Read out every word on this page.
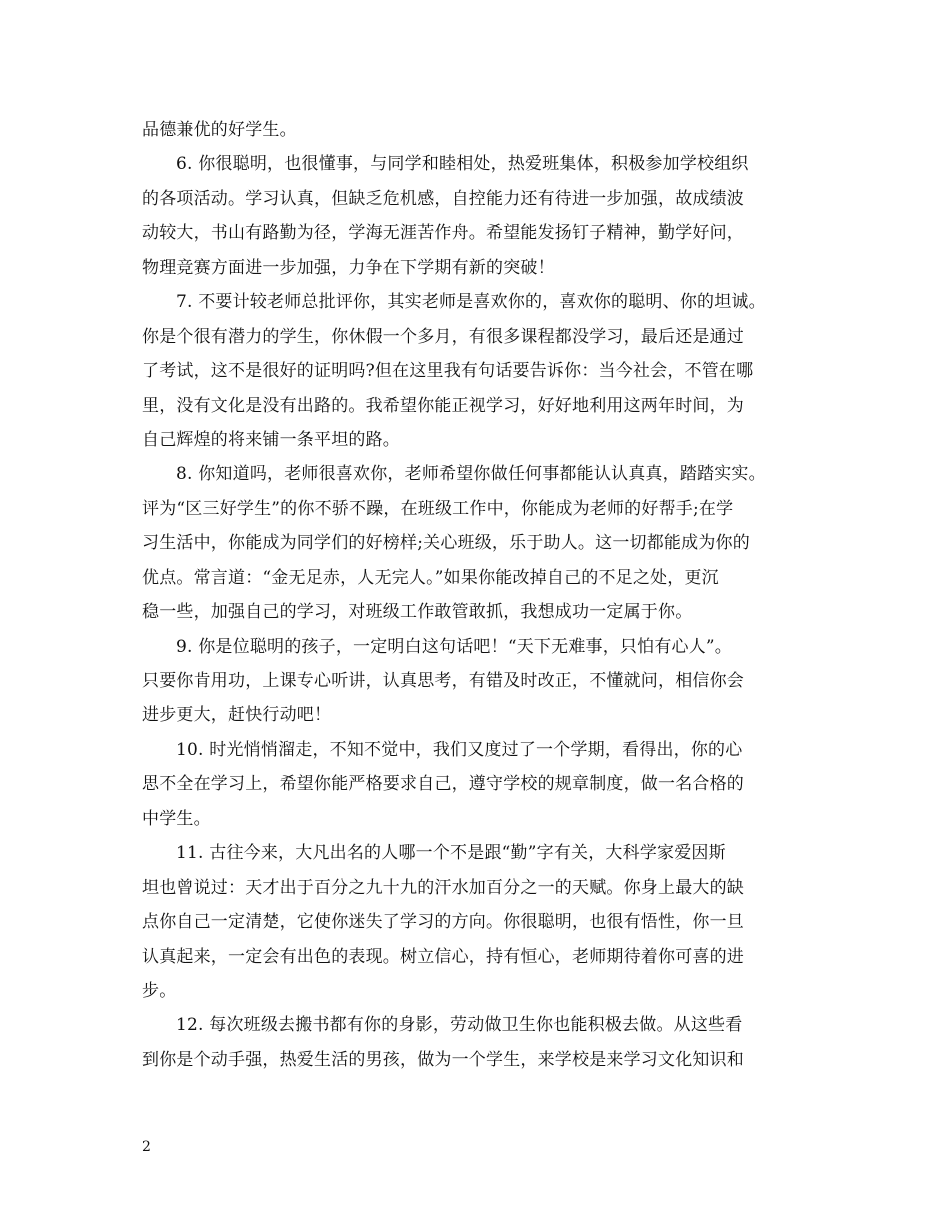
品德兼优的好学生。
6. 你很聪明，也很懂事，与同学和睦相处，热爱班集体，积极参加学校组织
的各项活动。学习认真，但缺乏危机感，自控能力还有待进一步加强，故成绩波
动较大，书山有路勤为径，学海无涯苦作舟。希望能发扬钉子精神，勤学好问，
物理竞赛方面进一步加强，力争在下学期有新的突破！
7. 不要计较老师总批评你，其实老师是喜欢你的，喜欢你的聪明、你的坦诚。
你是个很有潜力的学生，你休假一个多月，有很多课程都没学习，最后还是通过
了考试，这不是很好的证明吗?但在这里我有句话要告诉你：当今社会，不管在哪
里，没有文化是没有出路的。我希望你能正视学习，好好地利用这两年时间，为
自己辉煌的将来铺一条平坦的路。
8. 你知道吗，老师很喜欢你，老师希望你做任何事都能认认真真，踏踏实实。
评为“区三好学生”的你不骄不躁，在班级工作中，你能成为老师的好帮手;在学
习生活中，你能成为同学们的好榜样;关心班级，乐于助人。这一切都能成为你的
优点。常言道：“金无足赤，人无完人。”如果你能改掉自己的不足之处，更沉
稳一些，加强自己的学习，对班级工作敢管敢抓，我想成功一定属于你。
9. 你是位聪明的孩子，一定明白这句话吧！“天下无难事，只怕有心人”。
只要你肯用功，上课专心听讲，认真思考，有错及时改正，不懂就问，相信你会
进步更大，赶快行动吧！
10. 时光悄悄溜走，不知不觉中，我们又度过了一个学期，看得出，你的心
思不全在学习上，希望你能严格要求自己，遵守学校的规章制度，做一名合格的
中学生。
11. 古往今来，大凡出名的人哪一个不是跟“勤”字有关，大科学家爱因斯
坦也曾说过：天才出于百分之九十九的汗水加百分之一的天赋。你身上最大的缺
点你自己一定清楚，它使你迷失了学习的方向。你很聪明，也很有悟性，你一旦
认真起来，一定会有出色的表现。树立信心，持有恒心，老师期待着你可喜的进
步。
12. 每次班级去搬书都有你的身影，劳动做卫生你也能积极去做。从这些看
到你是个动手强，热爱生活的男孩，做为一个学生，来学校是来学习文化知识和
2
